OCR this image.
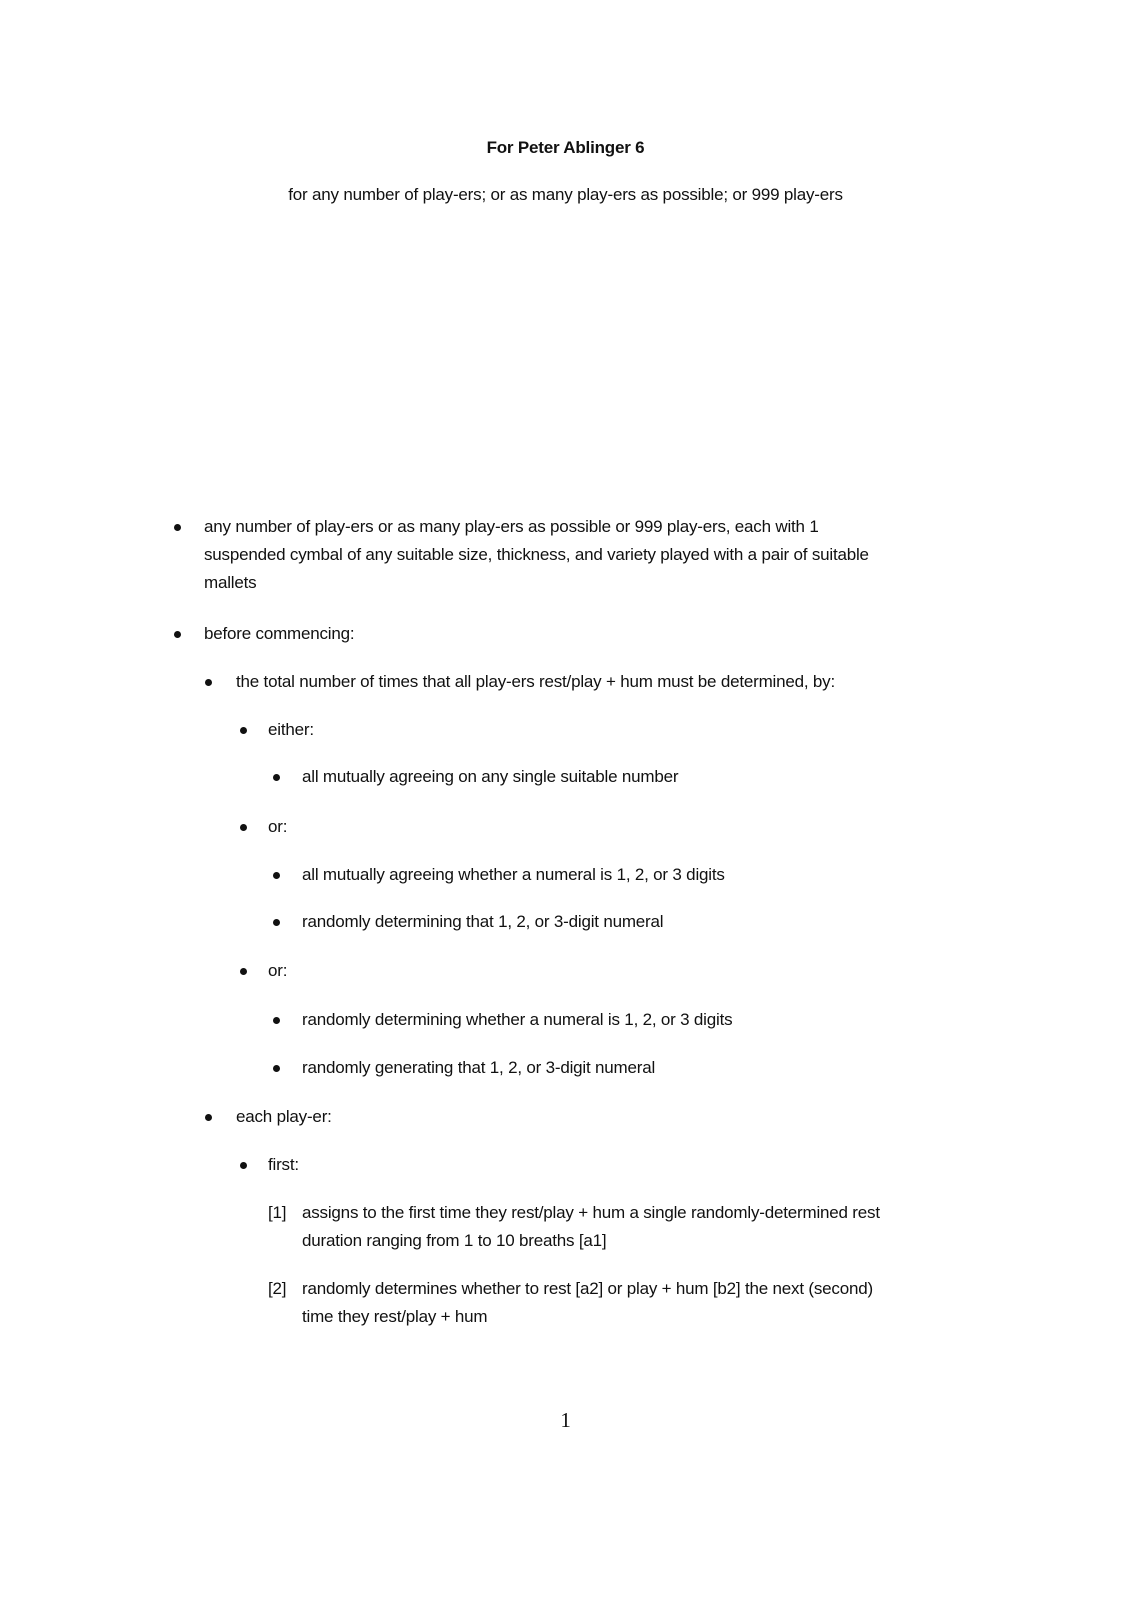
For Peter Ablinger 6
for any number of play-ers; or as many play-ers as possible; or 999 play-ers
any number of play-ers or as many play-ers as possible or 999 play-ers, each with 1
suspended cymbal of any suitable size, thickness, and variety played with a pair of suitable
mallets
before commencing:
the total number of times that all play-ers rest/play + hum must be determined, by:
either:
all mutually agreeing on any single suitable number
or:
all mutually agreeing whether a numeral is 1, 2, or 3 digits
randomly determining that 1, 2, or 3-digit numeral
or:
randomly determining whether a numeral is 1, 2, or 3 digits
randomly generating that 1, 2, or 3-digit numeral
each play-er:
first:
[1] assigns to the first time they rest/play + hum a single randomly-determined rest
duration ranging from 1 to 10 breaths [a1]
[2] randomly determines whether to rest [a2] or play + hum [b2] the next (second)
time they rest/play + hum
1
